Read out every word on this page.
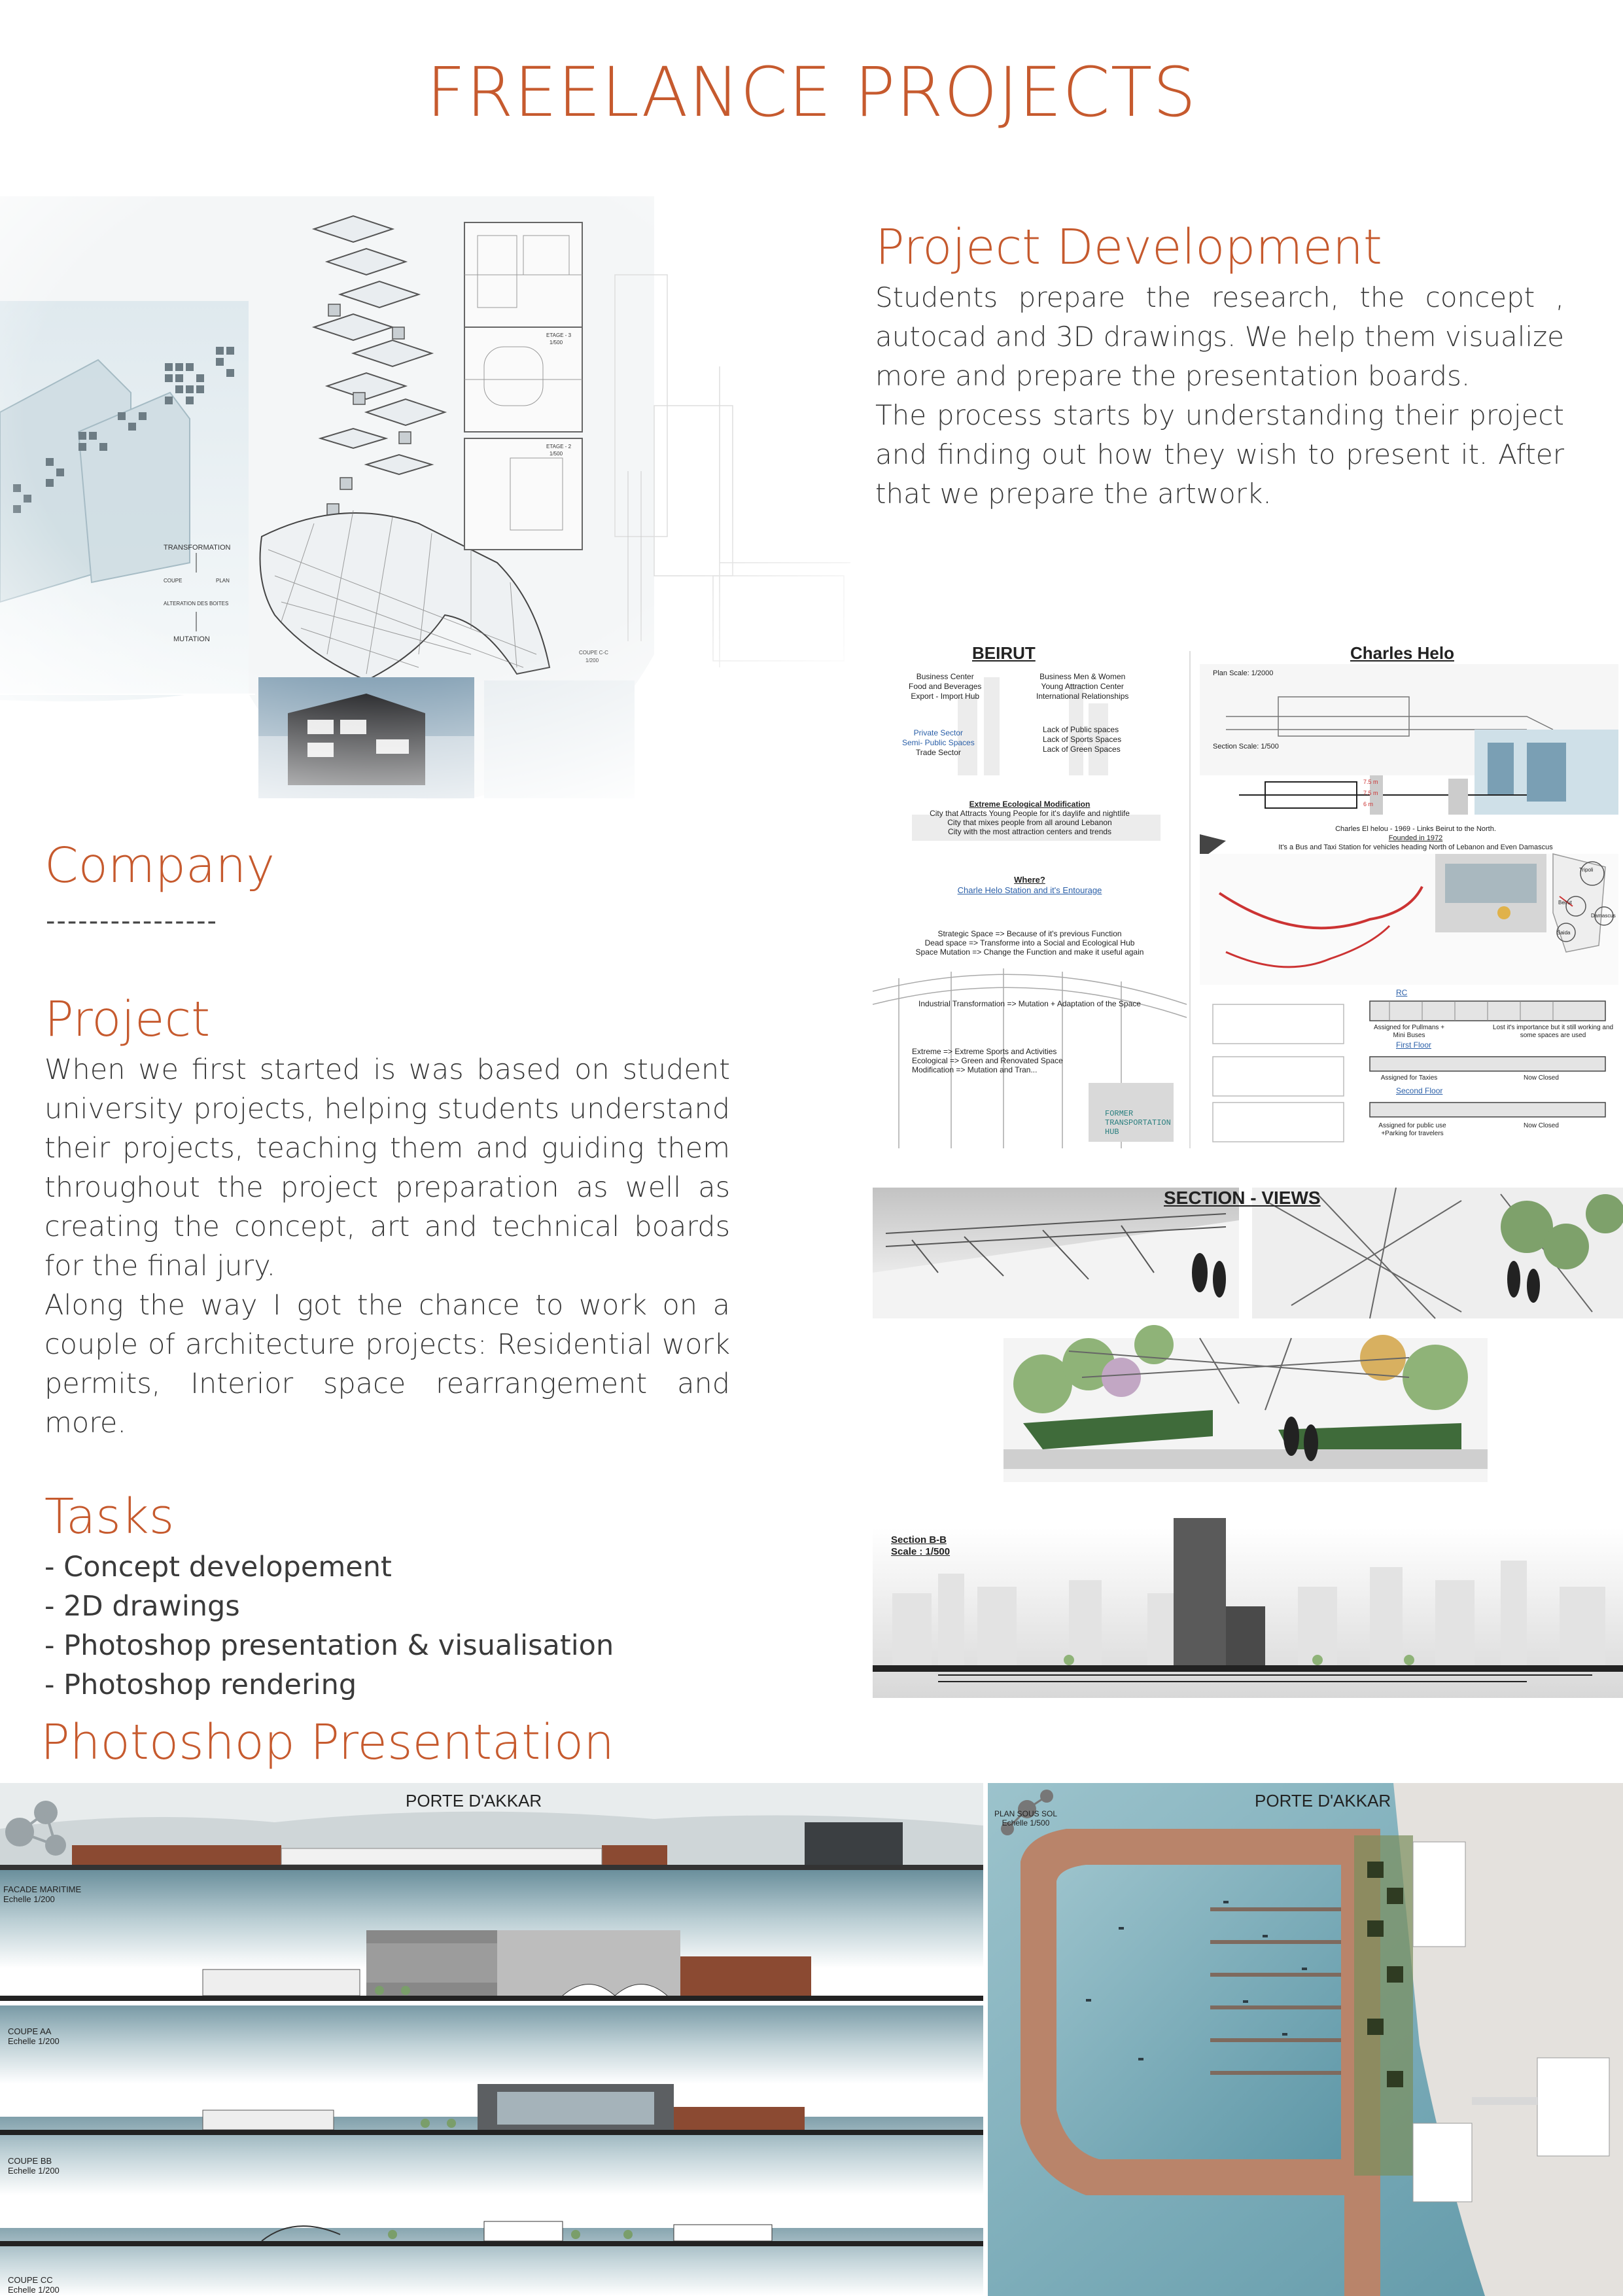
FREELANCE PROJECTS
Project Development

Students prepare the research, the concept , autocad and 3D drawings. We help them visualize more and prepare the presentation boards.

The process starts by understanding their project and finding out how they wish to present it. After that we prepare the artwork.

Company
----------------
Project

When we first started is was based on student university projects, helping students understand their projects, teaching them and guiding them throughout the project preparation as well as creating the concept, art and technical boards for the final jury.

Along the way I got the chance to work on a couple of architecture projects: Residential work permits, Interior space rearrangement and more.

Tasks
- Concept developement
- 2D drawings
- Photoshop presentation & visualisation
- Photoshop rendering
Photoshop Presentation
BEIRUT	Charles Helo
Business Center
Food and Beverages
Export - Import Hub
Business Men & Women
Young Attraction Center
International Relationships
Private Sector
Semi- Public Spaces
Trade Sector
Lack of Public spaces
Lack of Sports Spaces
Lack of Green Spaces
Extreme Ecological Modification
City that Attracts Young People for it's daylife and nightlife
City that mixes people from all around Lebanon
City with the most attraction centers and trends
Where?
Charle Helo Station and it's Entourage
Strategic Space => Because of it's previous Function
Dead space => Transforme into a Social and Ecological Hub
Space Mutation => Change the Function and make it useful again
Industrial Transformation => Mutation + Adaptation of the Space
Extreme => Extreme Sports and Activities
Ecological => Green and Renovated Space
Modification => Mutation and Tran...
FORMER
TRANSPORTATION
HUB
Plan Scale: 1/2000
Section Scale: 1/500
7.5 m
7.5 m
6 m
Charles El helou - 1969 - Links Beirut to the North.
Founded in 1972
It's a Bus and Taxi Station for vehicles heading North of Lebanon and Even Damascus
Tripoli
Beirut
Saida
Damascus
RC
First Floor
Second Floor
Assigned for Pullmans + Mini Buses
Lost it's importance but it still working and some spaces are used
Assigned for Taxies	Now Closed
Assigned for public use +Parking for travelers
Now Closed
SECTION - VIEWS
Section B-B
Scale : 1/500
PORTE D'AKKAR
FACADE MARITIME
Echelle 1/200
COUPE AA
Echelle 1/200
COUPE BB
Echelle 1/200
COUPE CC
Echelle 1/200
PORTE D'AKKAR
PLAN SOUS SOL
Echelle 1/500
